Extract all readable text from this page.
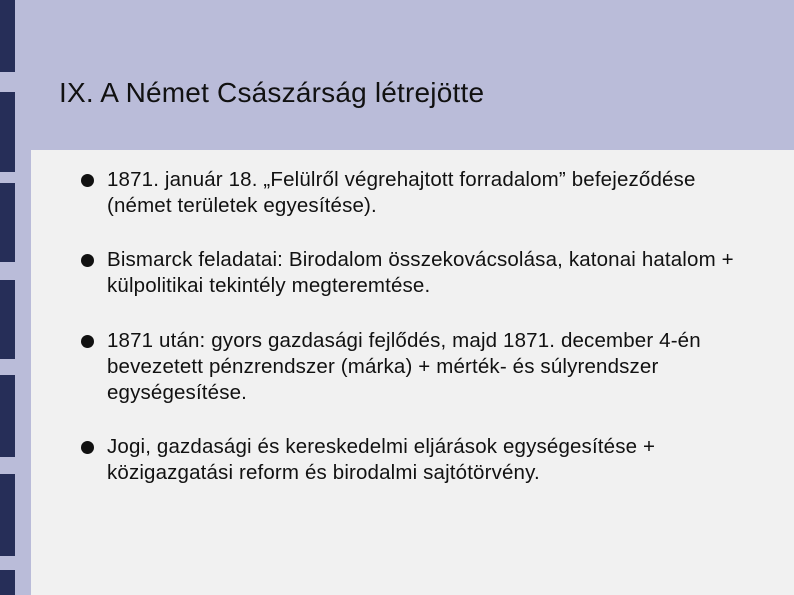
IX. A Német Császárság létrejötte
1871. január 18. „Felülről végrehajtott forradalom” befejeződése (német területek egyesítése).
Bismarck feladatai: Birodalom összekovácsolása, katonai hatalom + külpolitikai tekintély megteremtése.
1871 után: gyors gazdasági fejlődés, majd 1871. december 4-én bevezetett pénzrendszer (márka) + mérték- és súlyrendszer egységesítése.
Jogi, gazdasági és kereskedelmi eljárások egységesítése + közigazgatási reform és birodalmi sajtótörvény.
